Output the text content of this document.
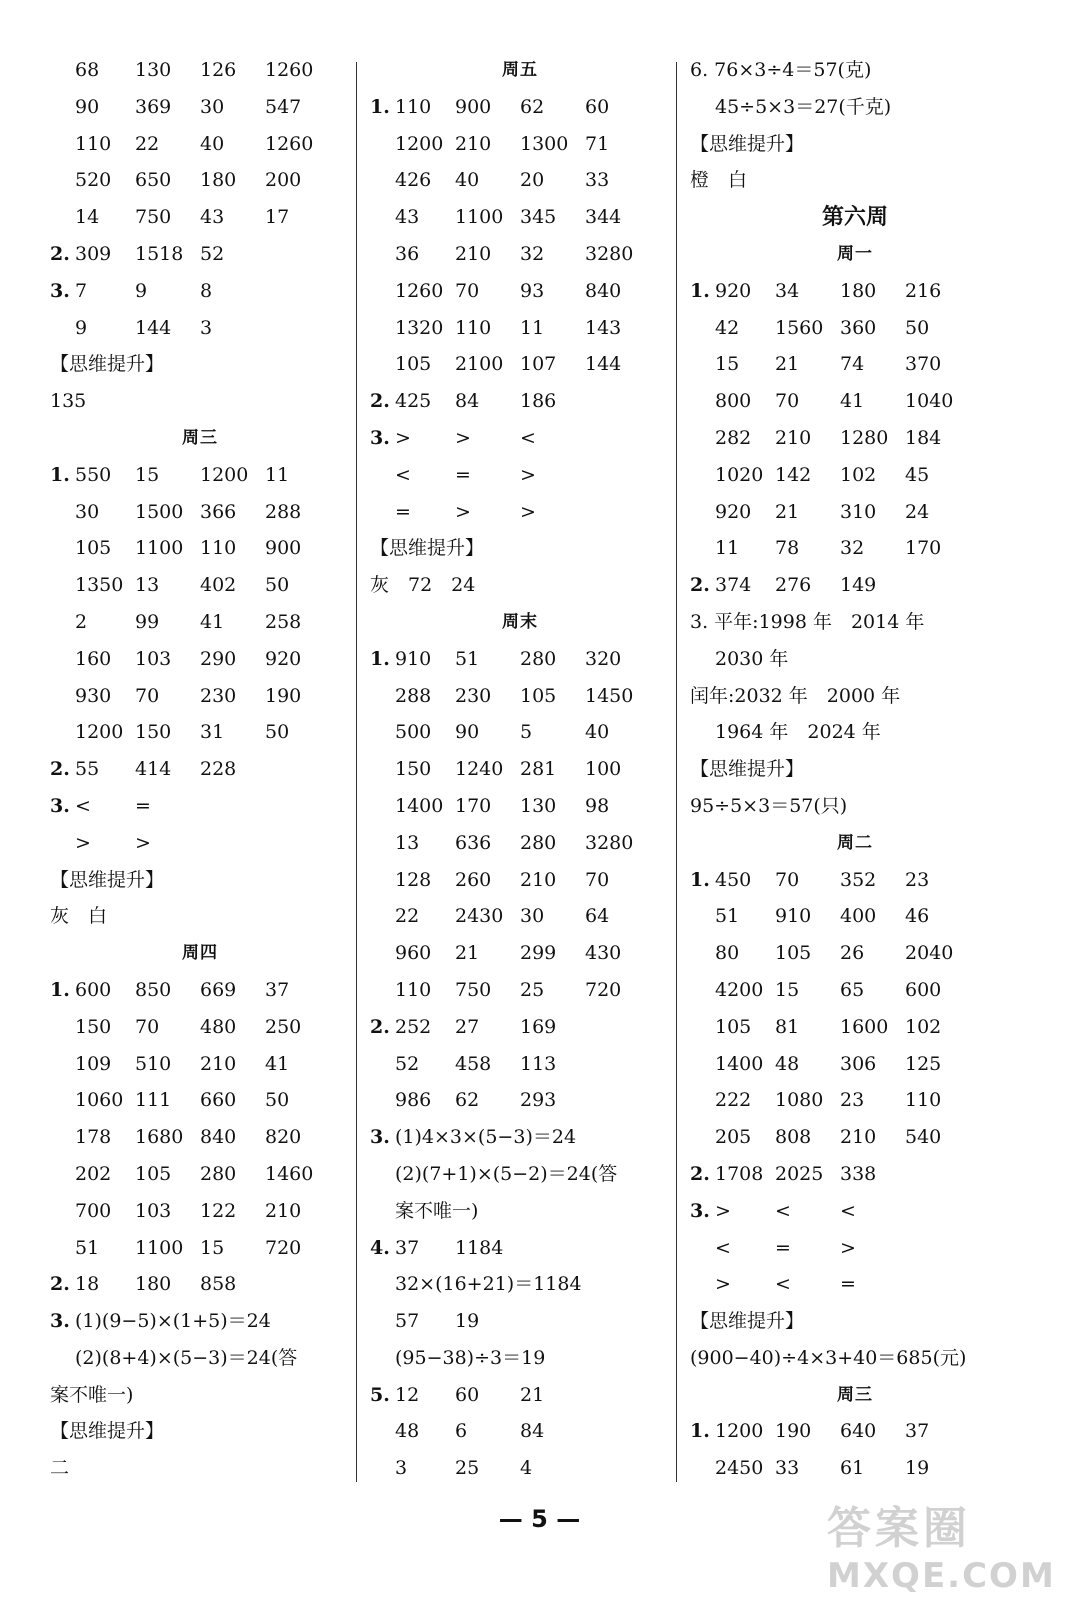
68 130 126 1260
90 369 30 547
110 22 40 1260
520 650 180 200
14 750 43 17
2. 309 1518 52
3. 7	9	8
9	144 3
【思维提升】
135
周三
1. 550 15 1200 11
30 1500 366 288
105 1100 110 900
1350 13 402 50
2	99 41 258
160 103 290 920
930 70 230 190
1200 150 31 50
2. 55 414 228
3. < =
> >
【思维提升】
灰　白
周四
1. 600 850 669 37
150 70 480 250
109 510 210 41
1060 111 660 50
178 1680 840 820
202 105 280 1460
700 103 122 210
51 1100 15 720
2. 18 180 858
3. (1)(9−5)×(1+5)＝24
(2)(8+4)×(5−3)＝24(答
案不唯一)
【思维提升】
二
周五
1. 110 900 62 60
1200 210 1300 71
426 40 20 33
43 1100 345 344
36 210 32 3280
1260 70 93 840
1320 110 11 143
105 2100 107 144
2. 425 84 186
3. > >	<
< =	>
= >	>
【思维提升】
灰　72　24
周末
1. 910 51 280 320
288 230 105 1450
500 90 5	40
150 1240 281 100
1400 170 130 98
13 636 280 3280
128 260 210 70
22 2430 30 64
960 21 299 430
110 750 25 720
2. 252 27 169
52 458 113
986 62 293
3. (1)4×3×(5−3)＝24
(2)(7+1)×(5−2)＝24(答
案不唯一)
4. 37 1184
32×(16+21)＝1184
57 19
(95−38)÷3＝19
5. 12 60 21
48 6	84
3	25 4
6. 76×3÷4＝57(克)
45÷5×3＝27(千克)
【思维提升】
橙　白
第六周
周一
1. 920 34 180 216
42 1560 360 50
15 21 74 370
800 70 41 1040
282 210 1280 184
1020 142 102 45
920 21 310 24
11 78 32 170
2. 374 276 149
3. 平年:1998 年　2014 年
2030 年
闰年:2032 年　2000 年
1964 年　2024 年
【思维提升】
95÷5×3＝57(只)
周二
1. 450 70 352 23
51 910 400 46
80 105 26 2040
4200 15 65 600
105 81 1600 102
1400 48 306 125
222 1080 23 110
205 808 210 540
2. 1708 2025 338
3. > <	<
< =	>
> <	=
【思维提升】
(900−40)÷4×3+40＝685(元)
周三
1. 1200 190 640 37
2450 33 61 19
— 5 —	答案圈
MXQE.COM
